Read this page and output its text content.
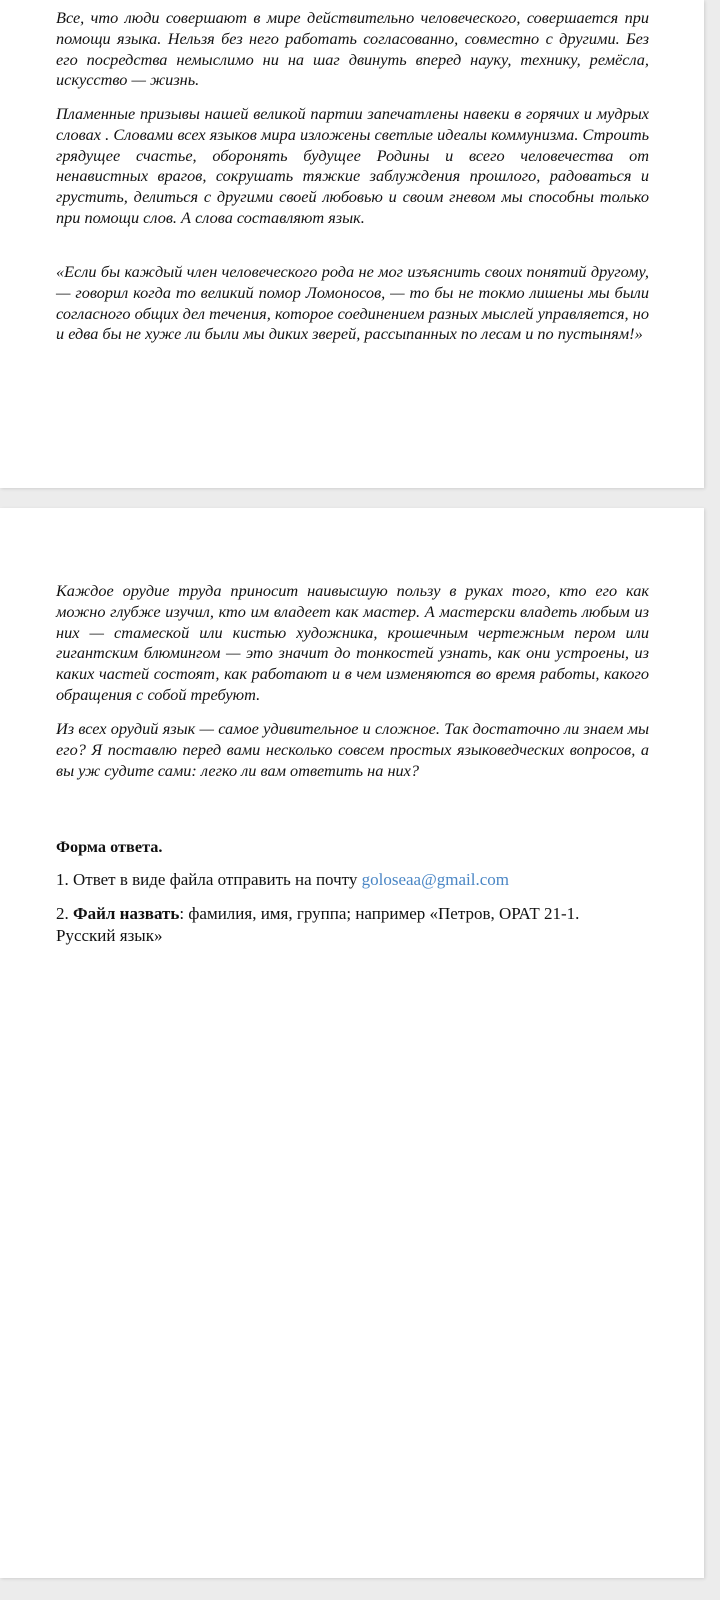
Все, что люди совершают в мире действительно человеческого, совершается при помощи языка. Нельзя без него работать согласованно, совместно с другими. Без его посредства немыслимо ни на шаг двинуть вперед науку, технику, ремёсла, искусство — жизнь.

Пламенные призывы нашей великой партии запечатлены навеки в горячих и мудрых словах . Словами всех языков мира изложены светлые идеалы коммунизма. Строить грядущее счастье, оборонять будущее Родины и всего человечества от ненавистных врагов, сокрушать тяжкие заблуждения прошлого, радоваться и грустить, делиться с другими своей любовью и своим гневом мы способны только при помощи слов. А слова составляют язык.

«Если бы каждый член человеческого рода не мог изъяснить своих понятий другому, — говорил когда то великий помор Ломоносов, — то бы не токмо лишены мы были согласного общих дел течения, которое соединением разных мыслей управляется, но и едва бы не хуже ли были мы диких зверей, рассыпанных по лесам и по пустыням!»

Каждое орудие труда приносит наивысшую пользу в руках того, кто его как можно глубже изучил, кто им владеет как мастер. А мастерски владеть любым из них — стамеской или кистью художника, крошечным чертежным пером или гигантским блюмингом — это значит до тонкостей узнать, как они устроены, из каких частей состоят, как работают и в чем изменяются во время работы, какого обращения с собой требуют.

Из всех орудий язык — самое удивительное и сложное. Так достаточно ли знаем мы его? Я поставлю перед вами несколько совсем простых языковедческих вопросов, а вы уж судите сами: легко ли вам ответить на них?

Форма ответа.

1. Ответ в виде файла отправить на почту goloseaa@gmail.com

2. Файл назвать: фамилия, имя, группа; например «Петров, ОРАТ 21-1.
Русский язык»
